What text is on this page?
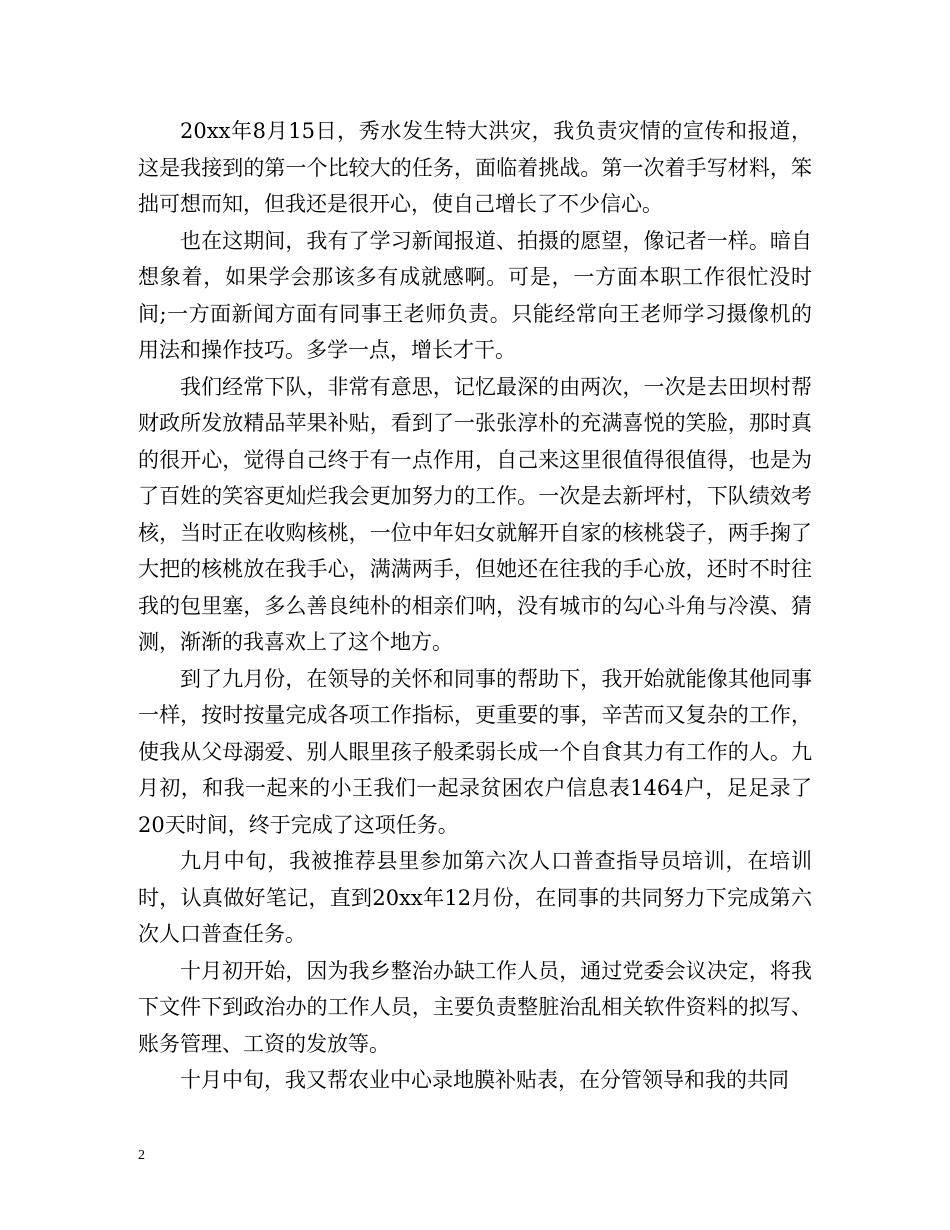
20xx年8月15日，秀水发生特大洪灾，我负责灾情的宣传和报道，这是我接到的第一个比较大的任务，面临着挑战。第一次着手写材料，笨拙可想而知，但我还是很开心，使自己增长了不少信心。

也在这期间，我有了学习新闻报道、拍摄的愿望，像记者一样。暗自想象着，如果学会那该多有成就感啊。可是，一方面本职工作很忙没时间;一方面新闻方面有同事王老师负责。只能经常向王老师学习摄像机的用法和操作技巧。多学一点，增长才干。

我们经常下队，非常有意思，记忆最深的由两次，一次是去田坝村帮财政所发放精品苹果补贴，看到了一张张淳朴的充满喜悦的笑脸，那时真的很开心，觉得自己终于有一点作用，自己来这里很值得很值得，也是为了百姓的笑容更灿烂我会更加努力的工作。一次是去新坪村，下队绩效考核，当时正在收购核桃，一位中年妇女就解开自家的核桃袋子，两手掬了大把的核桃放在我手心，满满两手，但她还在往我的手心放，还时不时往我的包里塞，多么善良纯朴的相亲们呐，没有城市的勾心斗角与冷漠、猜测，渐渐的我喜欢上了这个地方。

到了九月份，在领导的关怀和同事的帮助下，我开始就能像其他同事一样，按时按量完成各项工作指标，更重要的事，辛苦而又复杂的工作，使我从父母溺爱、别人眼里孩子般柔弱长成一个自食其力有工作的人。九月初，和我一起来的小王我们一起录贫困农户信息表1464户，足足录了20天时间，终于完成了这项任务。

九月中旬，我被推荐县里参加第六次人口普查指导员培训，在培训时，认真做好笔记，直到20xx年12月份，在同事的共同努力下完成第六次人口普查任务。

十月初开始，因为我乡整治办缺工作人员，通过党委会议决定，将我下文件下到政治办的工作人员，主要负责整脏治乱相关软件资料的拟写、账务管理、工资的发放等。

十月中旬，我又帮农业中心录地膜补贴表，在分管领导和我的共同

2
